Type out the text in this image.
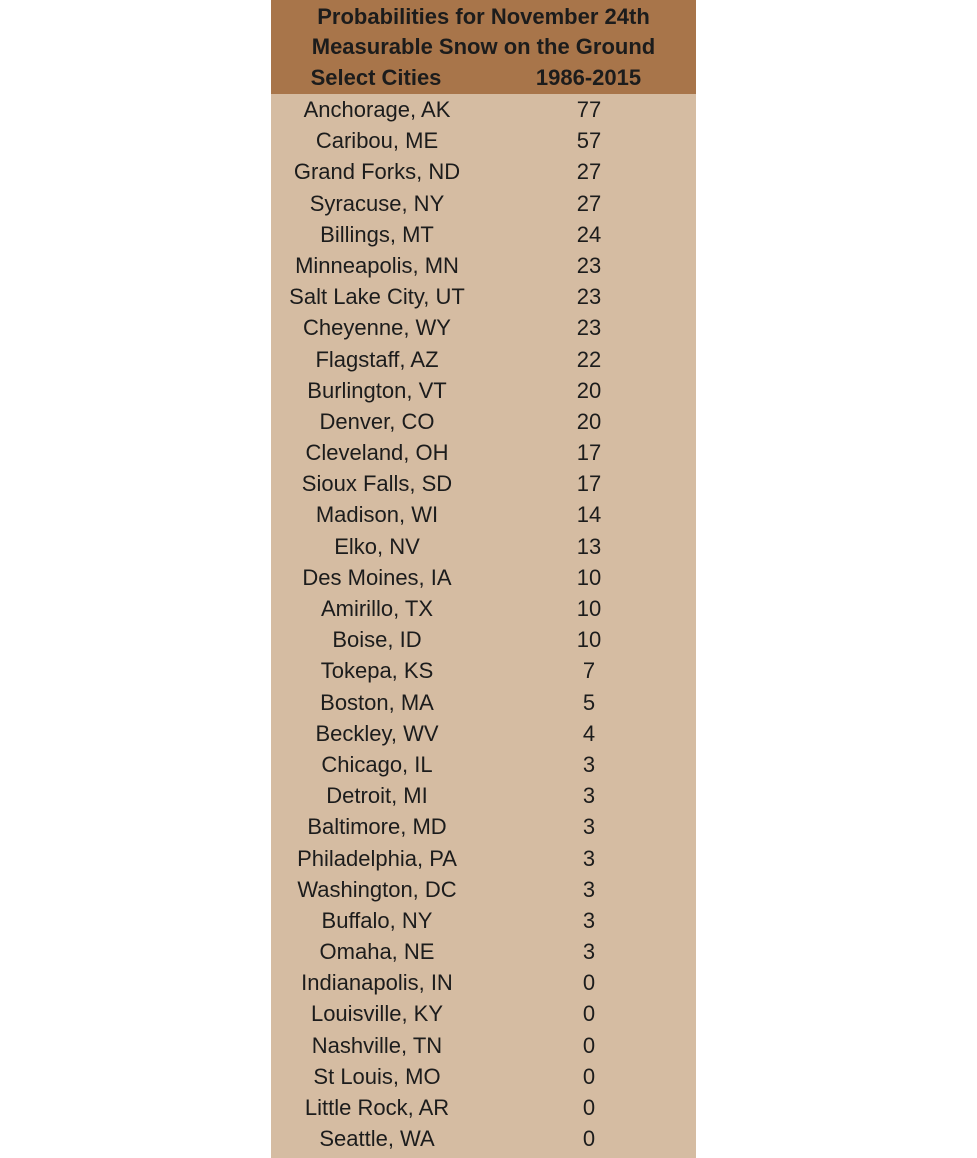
Probabilities for November 24th
Measurable Snow on the Ground
Select Cities	1986-2015
Anchorage, AK	77
Caribou, ME	57
Grand Forks, ND	27
Syracuse, NY	27
Billings, MT	24
Minneapolis, MN	23
Salt Lake City, UT	23
Cheyenne, WY	23
Flagstaff, AZ	22
Burlington, VT	20
Denver, CO	20
Cleveland, OH	17
Sioux Falls, SD	17
Madison, WI	14
Elko, NV	13
Des Moines, IA	10
Amirillo, TX	10
Boise, ID	10
Tokepa, KS	7
Boston, MA	5
Beckley, WV	4
Chicago, IL	3
Detroit, MI	3
Baltimore, MD	3
Philadelphia, PA	3
Washington, DC	3
Buffalo, NY	3
Omaha, NE	3
Indianapolis, IN	0
Louisville, KY	0
Nashville, TN	0
St Louis, MO	0
Little Rock, AR	0
Seattle, WA	0
